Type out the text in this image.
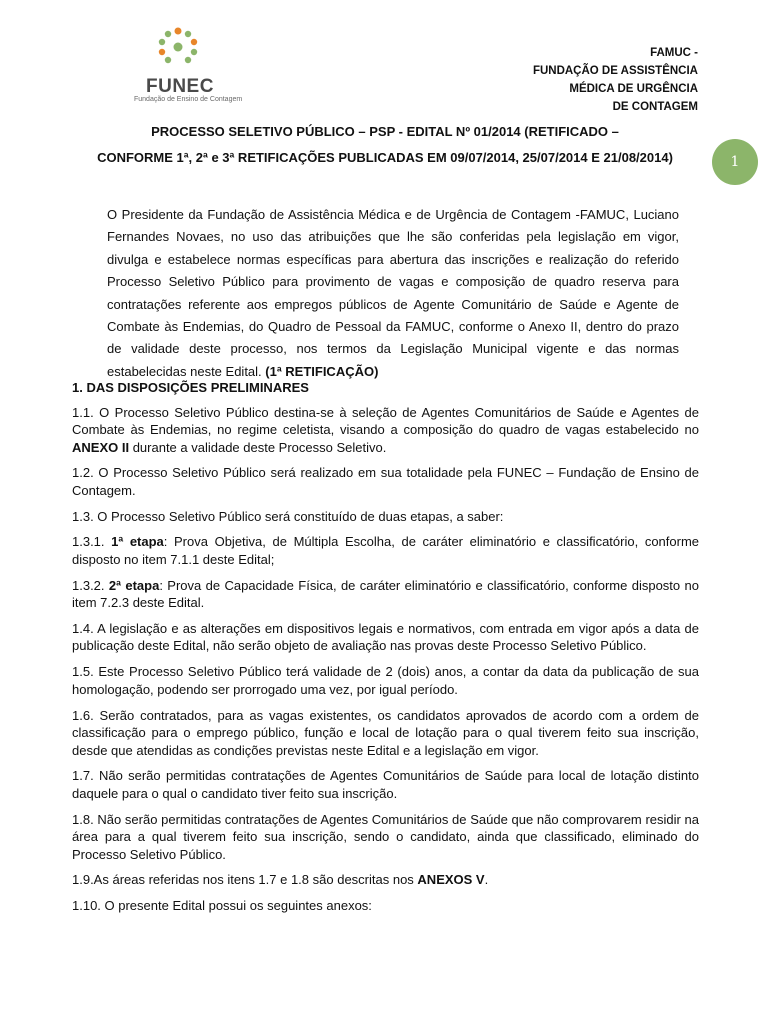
FUNEC
Fundação de Ensino de Contagem
FAMUC -
FUNDAÇÃO DE ASSISTÊNCIA
MÉDICA DE URGÊNCIA
DE CONTAGEM
PROCESSO SELETIVO PÚBLICO – PSP - EDITAL Nº 01/2014 (RETIFICADO –
CONFORME 1ª, 2ª e 3ª RETIFICAÇÕES PUBLICADAS EM 09/07/2014, 25/07/2014 E 21/08/2014)	1
O Presidente da Fundação de Assistência Médica e de Urgência de Contagem -FAMUC, Luciano Fernandes Novaes, no uso das atribuições que lhe são conferidas pela legislação em vigor, divulga e estabelece normas específicas para abertura das inscrições e realização do referido Processo Seletivo Público para provimento de vagas e composição de quadro reserva para contratações referente aos empregos públicos de Agente Comunitário de Saúde e Agente de Combate às Endemias, do Quadro de Pessoal da FAMUC, conforme o Anexo II, dentro do prazo de validade deste processo, nos termos da Legislação Municipal vigente e das normas estabelecidas neste Edital. (1ª RETIFICAÇÃO)
1. DAS DISPOSIÇÕES PRELIMINARES

1.1. O Processo Seletivo Público destina-se à seleção de Agentes Comunitários de Saúde e Agentes de Combate às Endemias, no regime celetista, visando a composição do quadro de vagas estabelecido no ANEXO II durante a validade deste Processo Seletivo.

1.2. O Processo Seletivo Público será realizado em sua totalidade pela FUNEC – Fundação de Ensino de Contagem.

1.3. O Processo Seletivo Público será constituído de duas etapas, a saber:

1.3.1. 1ª etapa: Prova Objetiva, de Múltipla Escolha, de caráter eliminatório e classificatório, conforme disposto no item 7.1.1 deste Edital;

1.3.2. 2ª etapa: Prova de Capacidade Física, de caráter eliminatório e classificatório, conforme disposto no item 7.2.3 deste Edital.

1.4. A legislação e as alterações em dispositivos legais e normativos, com entrada em vigor após a data de publicação deste Edital, não serão objeto de avaliação nas provas deste Processo Seletivo Público.

1.5. Este Processo Seletivo Público terá validade de 2 (dois) anos, a contar da data da publicação de sua homologação, podendo ser prorrogado uma vez, por igual período.

1.6. Serão contratados, para as vagas existentes, os candidatos aprovados de acordo com a ordem de classificação para o emprego público, função e local de lotação para o qual tiverem feito sua inscrição, desde que atendidas as condições previstas neste Edital e a legislação em vigor.

1.7. Não serão permitidas contratações de Agentes Comunitários de Saúde para local de lotação distinto daquele para o qual o candidato tiver feito sua inscrição.

1.8. Não serão permitidas contratações de Agentes Comunitários de Saúde que não comprovarem residir na área para a qual tiverem feito sua inscrição, sendo o candidato, ainda que classificado, eliminado do Processo Seletivo Público.

1.9.As áreas referidas nos itens 1.7 e 1.8 são descritas nos ANEXOS V.

1.10. O presente Edital possui os seguintes anexos:
